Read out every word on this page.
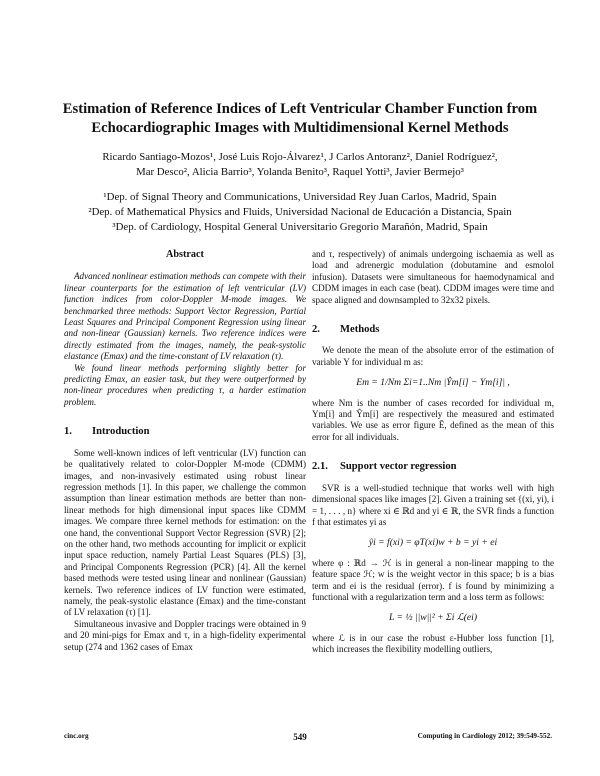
Estimation of Reference Indices of Left Ventricular Chamber Function from Echocardiographic Images with Multidimensional Kernel Methods
Ricardo Santiago-Mozos¹, José Luis Rojo-Álvarez¹, J Carlos Antoranz², Daniel Rodríguez²,
Mar Desco², Alicia Barrio³, Yolanda Benito³, Raquel Yotti³, Javier Bermejo³
¹Dep. of Signal Theory and Communications, Universidad Rey Juan Carlos, Madrid, Spain
²Dep. of Mathematical Physics and Fluids, Universidad Nacional de Educación a Distancia, Spain
³Dep. of Cardiology, Hospital General Universitario Gregorio Marañón, Madrid, Spain
Abstract

Advanced nonlinear estimation methods can compete with their linear counterparts for the estimation of left ventricular (LV) function indices from color-Doppler M-mode images. We benchmarked three methods: Support Vector Regression, Partial Least Squares and Principal Component Regression using linear and non-linear (Gaussian) kernels. Two reference indices were directly estimated from the images, namely, the peak-systolic elastance (Emax) and the time-constant of LV relaxation (τ).

We found linear methods performing slightly better for predicting Emax, an easier task, but they were outperformed by non-linear procedures when predicting τ, a harder estimation problem.

1. Introduction

Some well-known indices of left ventricular (LV) function can be qualitatively related to color-Doppler M-mode (CDMM) images, and non-invasively estimated using robust linear regression methods [1]. In this paper, we challenge the common assumption than linear estimation methods are better than non-linear methods for high dimensional input spaces like CDMM images. We compare three kernel methods for estimation: on the one hand, the conventional Support Vector Regression (SVR) [2]; on the other hand, two methods accounting for implicit or explicit input space reduction, namely Partial Least Squares (PLS) [3], and Principal Components Regression (PCR) [4]. All the kernel based methods were tested using linear and nonlinear (Gaussian) kernels. Two reference indices of LV function were estimated, namely, the peak-systolic elastance (Emax) and the time-constant of LV relaxation (τ) [1].

Simultaneous invasive and Doppler tracings were obtained in 9 and 20 mini-pigs for Emax and τ, in a high-fidelity experimental setup (274 and 1362 cases of Emax

and τ, respectively) of animals undergoing ischaemia as well as load and adrenergic modulation (dobutamine and esmolol infusion). Datasets were simultaneous for haemodynamical and CDDM images in each case (beat). CDDM images were time and space aligned and downsampled to 32x32 pixels.

2. Methods

We denote the mean of the absolute error of the estimation of variable Y for individual m as:

Em = 1/Nm Σi=1..Nm |Ŷm[i] − Ym[i]| ,

where Nm is the number of cases recorded for individual m, Ym[i] and Ŷm[i] are respectively the measured and estimated variables. We use as error figure Ē, defined as the mean of this error for all individuals.

2.1. Support vector regression

SVR is a well-studied technique that works well with high dimensional spaces like images [2]. Given a training set {(xi, yi), i = 1, . . . , n} where xi ∈ ℝd and yi ∈ ℝ, the SVR finds a function f that estimates yi as

ŷi = f(xi) = φT(xi)w + b = yi + ei

where φ : ℝd → ℋ is in general a non-linear mapping to the feature space ℋ; w is the weight vector in this space; b is a bias term and ei is the residual (error). f is found by minimizing a functional with a regularization term and a loss term as follows:

L = ½ ||w||² + Σi ℒ(ei)

where ℒ is in our case the robust ε-Hubber loss function [1], which increases the flexibility modelling outliers,

cinc.org	549	Computing in Cardiology 2012; 39:549-552.
